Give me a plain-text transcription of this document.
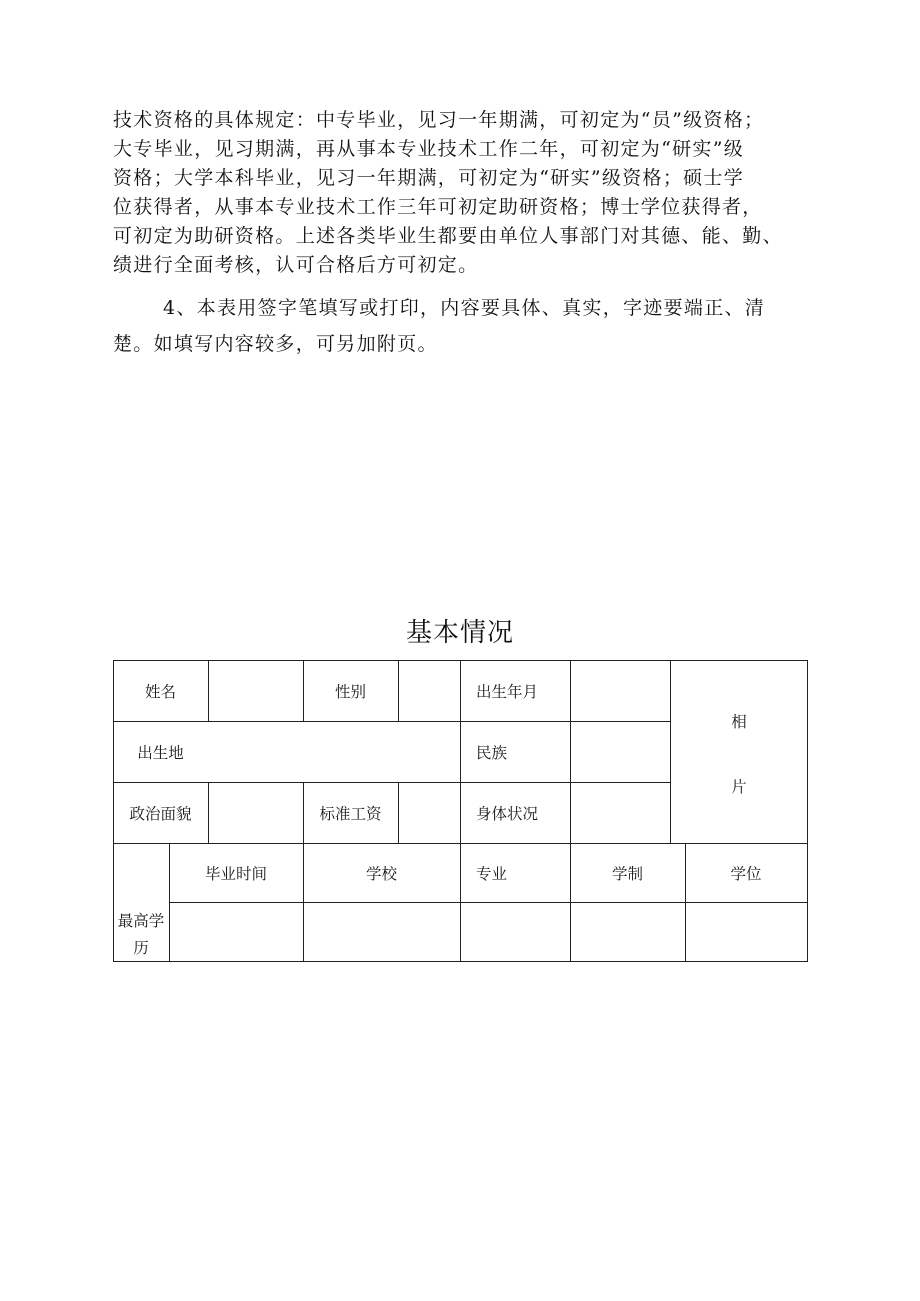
技术资格的具体规定：中专毕业，见习一年期满，可初定为“员”级资格；
大专毕业，见习期满，再从事本专业技术工作二年，可初定为“研实”级
资格；大学本科毕业，见习一年期满，可初定为“研实”级资格；硕士学
位获得者，从事本专业技术工作三年可初定助研资格；博士学位获得者，
可初定为助研资格。上述各类毕业生都要由单位人事部门对其德、能、勤、
绩进行全面考核，认可合格后方可初定。
4、本表用签字笔填写或打印，内容要具体、真实，字迹要端正、清
楚。如填写内容较多，可另加附页。
基本情况
姓名	性别	出生年月
相
片
出生地	民族
政治面貌	标准工资	身体状况
最高学
历
毕业时间	学校	专业	学制	学位
